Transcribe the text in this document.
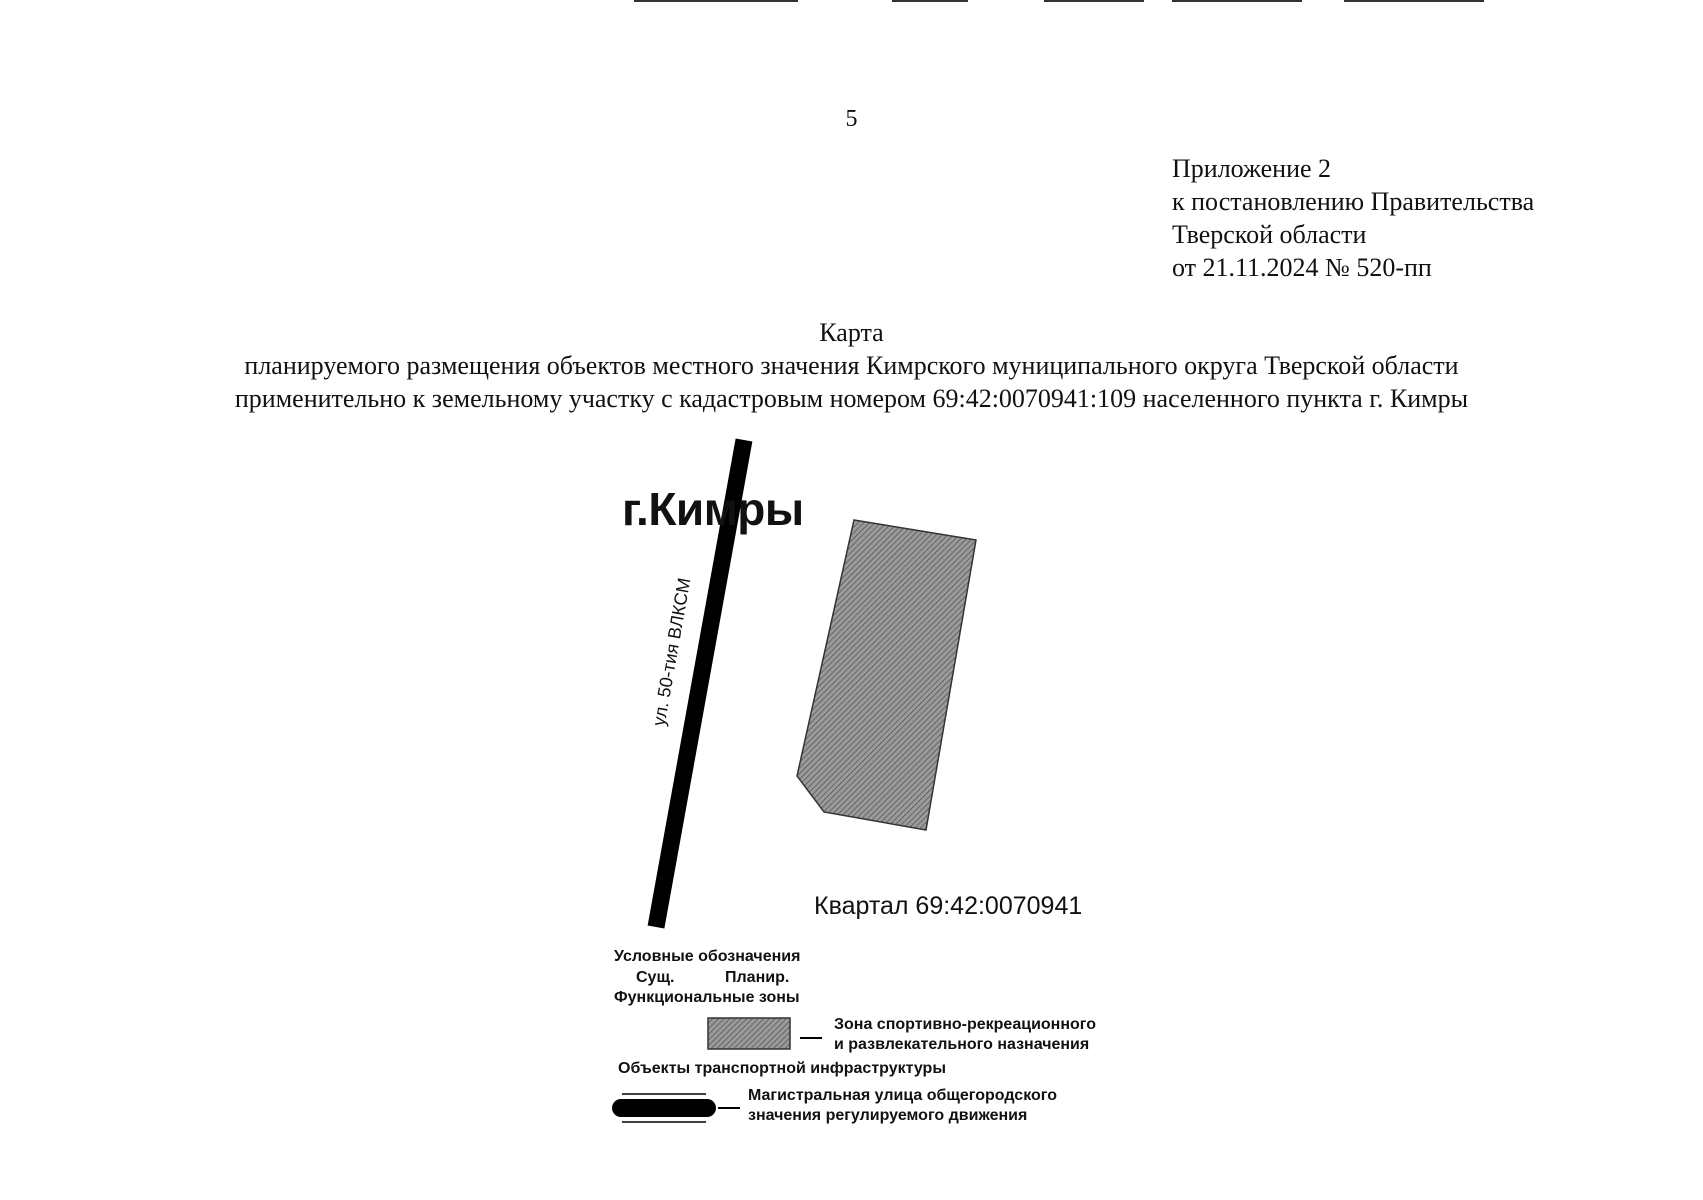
5
Приложение 2
к постановлению Правительства
Тверской области
от 21.11.2024 № 520-пп
Карта
планируемого размещения объектов местного значения Кимрского муниципального округа Тверской области
применительно к земельному участку с кадастровым номером 69:42:0070941:109 населенного пункта г. Кимры
г.Кимры
ул. 50-тия ВЛКСМ
Квартал 69:42:0070941
Условные обозначения
Сущ.	Планир.
Функциональные зоны
Зона спортивно-рекреационного
и развлекательного назначения
Объекты транспортной инфраструктуры
Магистральная улица общегородского
значения регулируемого движения
